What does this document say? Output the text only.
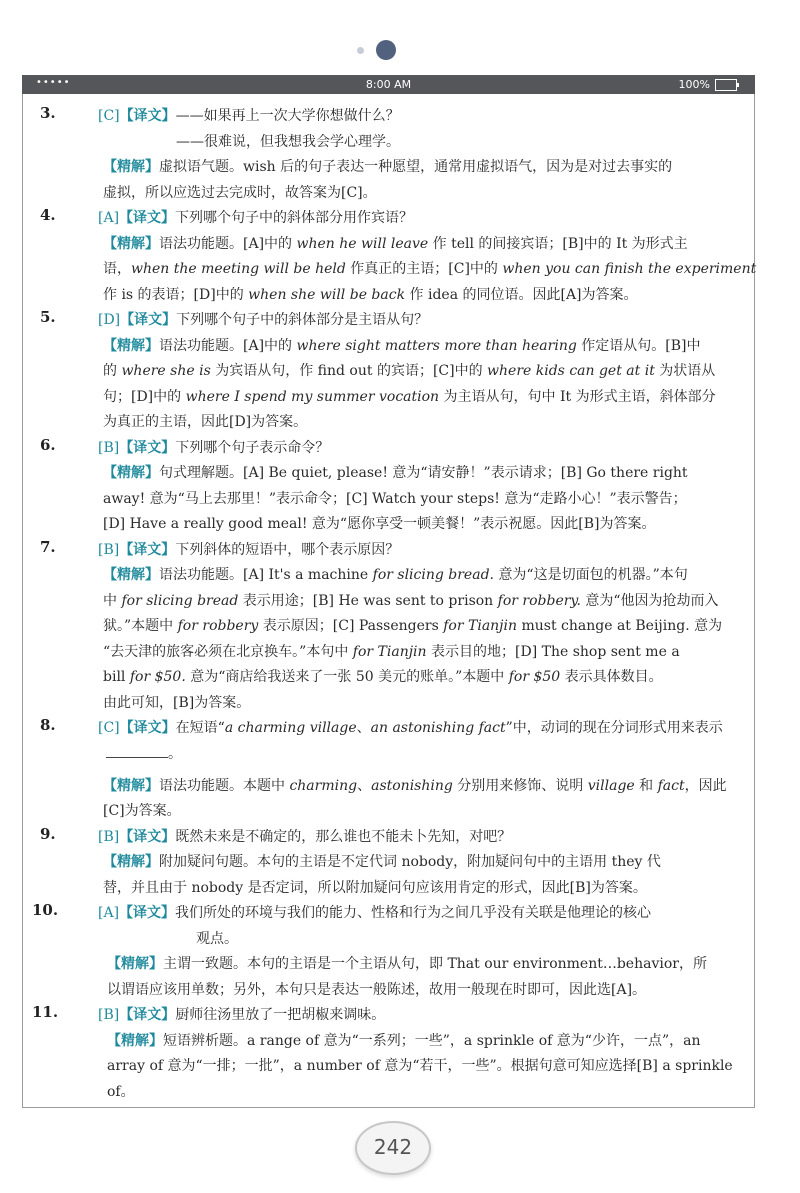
•••••	8:00 AM	100%
3.	[C]【译文】——如果再上一次大学你想做什么？
——很难说，但我想我会学心理学。
【精解】虚拟语气题。wish 后的句子表达一种愿望，通常用虚拟语气，因为是对过去事实的
虚拟，所以应选过去完成时，故答案为[C]。
4.	[A]【译文】下列哪个句子中的斜体部分用作宾语？
【精解】语法功能题。[A]中的 when he will leave 作 tell 的间接宾语；[B]中的 It 为形式主
语，when the meeting will be held 作真正的主语；[C]中的 when you can finish the experiment
作 is 的表语；[D]中的 when she will be back 作 idea 的同位语。因此[A]为答案。
5.	[D]【译文】下列哪个句子中的斜体部分是主语从句？
【精解】语法功能题。[A]中的 where sight matters more than hearing 作定语从句。[B]中
的 where she is 为宾语从句，作 find out 的宾语；[C]中的 where kids can get at it 为状语从
句；[D]中的 where I spend my summer vocation 为主语从句，句中 It 为形式主语，斜体部分
为真正的主语，因此[D]为答案。
6.	[B]【译文】下列哪个句子表示命令？
【精解】句式理解题。[A] Be quiet, please! 意为“请安静！”表示请求；[B] Go there right
away! 意为“马上去那里！”表示命令；[C] Watch your steps! 意为“走路小心！”表示警告；
[D] Have a really good meal! 意为“愿你享受一顿美餐！”表示祝愿。因此[B]为答案。
7.	[B]【译文】下列斜体的短语中，哪个表示原因？
【精解】语法功能题。[A] It's a machine for slicing bread. 意为“这是切面包的机器。”本句
中 for slicing bread 表示用途；[B] He was sent to prison for robbery. 意为“他因为抢劫而入
狱。”本题中 for robbery 表示原因；[C] Passengers for Tianjin must change at Beijing. 意为
“去天津的旅客必须在北京换车。”本句中 for Tianjin 表示目的地；[D] The shop sent me a
bill for $50. 意为“商店给我送来了一张 50 美元的账单。”本题中 for $50 表示具体数目。
由此可知，[B]为答案。
8.	[C]【译文】在短语“a charming village、an astonishing fact”中，动词的现在分词形式用来表示
。
【精解】语法功能题。本题中 charming、astonishing 分别用来修饰、说明 village 和 fact，因此
[C]为答案。
9.	[B]【译文】既然未来是不确定的，那么谁也不能未卜先知，对吧？
【精解】附加疑问句题。本句的主语是不定代词 nobody，附加疑问句中的主语用 they 代
替，并且由于 nobody 是否定词，所以附加疑问句应该用肯定的形式，因此[B]为答案。
10.	[A]【译文】我们所处的环境与我们的能力、性格和行为之间几乎没有关联是他理论的核心
观点。
【精解】主谓一致题。本句的主语是一个主语从句，即 That our environment…behavior，所
以谓语应该用单数；另外，本句只是表达一般陈述，故用一般现在时即可，因此选[A]。
11.	[B]【译文】厨师往汤里放了一把胡椒来调味。
【精解】短语辨析题。a range of 意为“一系列；一些”，a sprinkle of 意为“少许，一点”，an
array of 意为“一排；一批”，a number of 意为“若干，一些”。根据句意可知应选择[B] a sprinkle
of。
242
